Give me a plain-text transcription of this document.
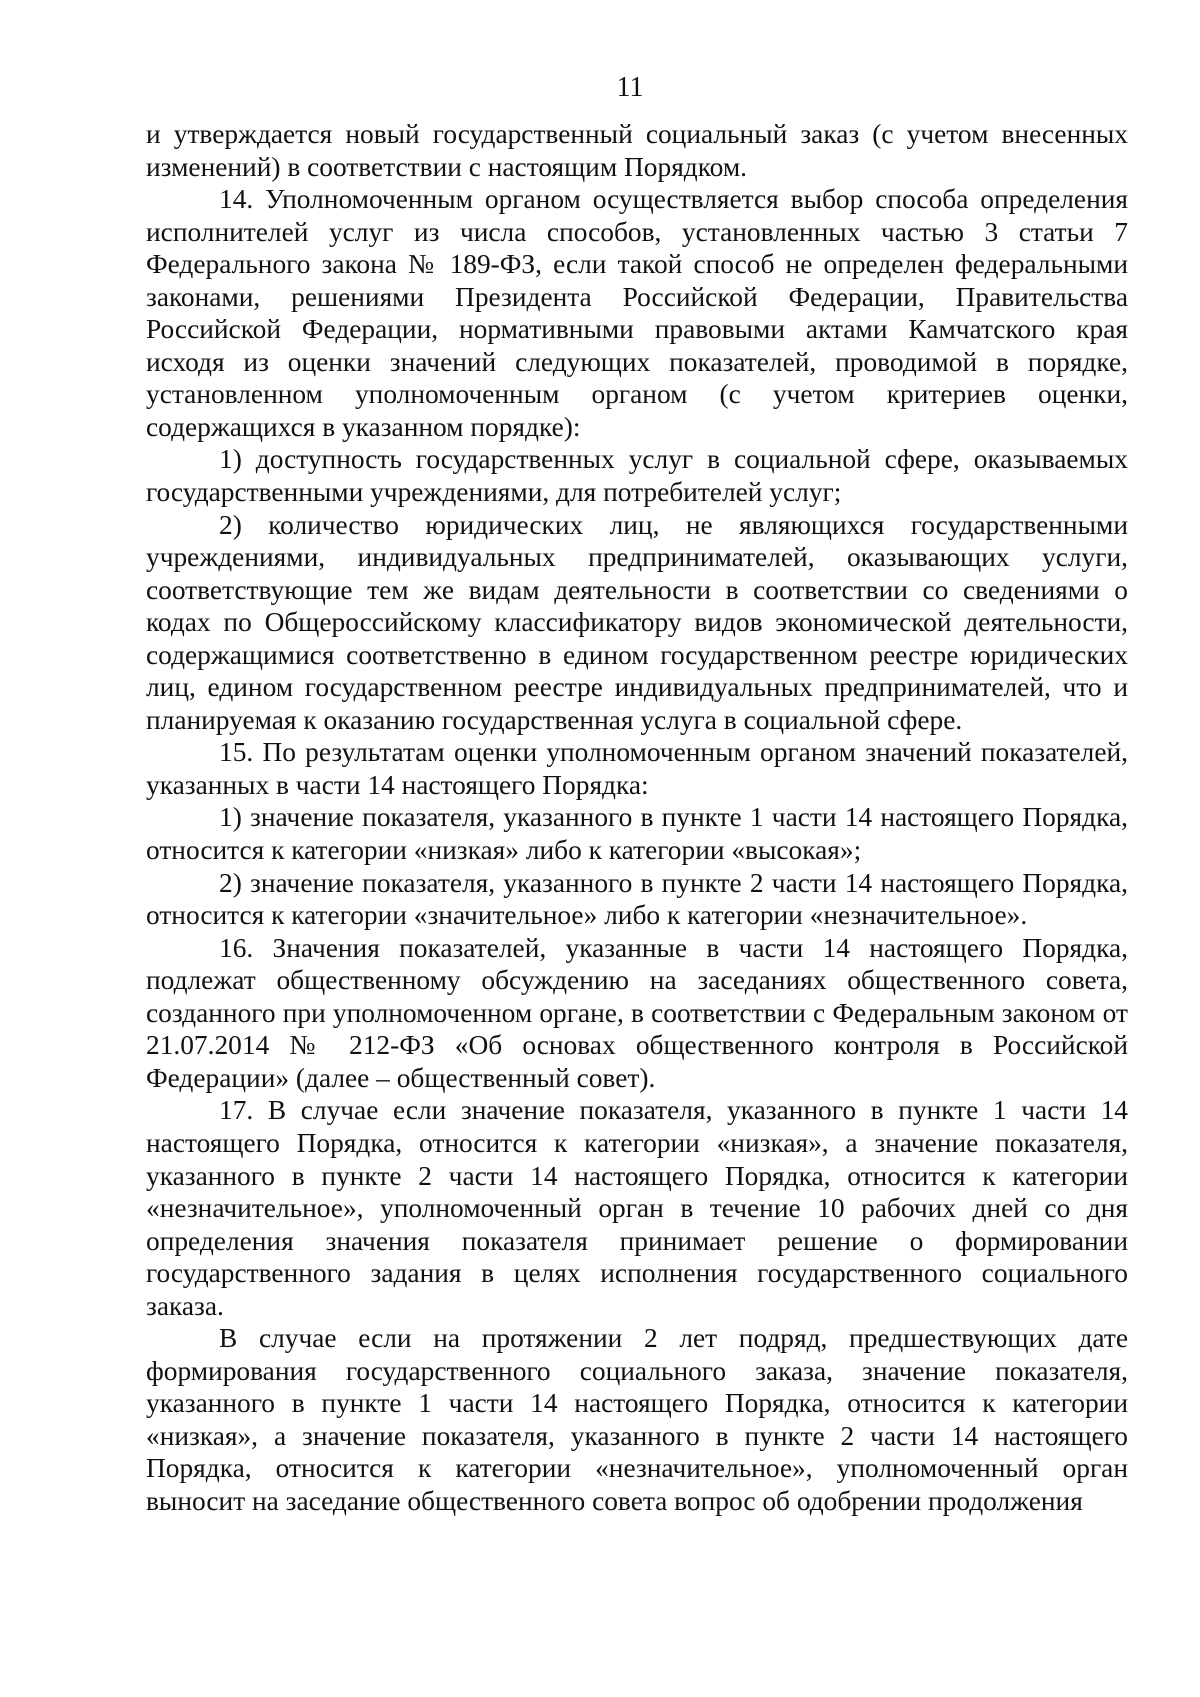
11

и утверждается новый государственный социальный заказ (с учетом внесенных изменений) в соответствии с настоящим Порядком.

14. Уполномоченным органом осуществляется выбор способа определения исполнителей услуг из числа способов, установленных частью 3 статьи 7 Федерального закона № 189-ФЗ, если такой способ не определен федеральными законами, решениями Президента Российской Федерации, Правительства Российской Федерации, нормативными правовыми актами Камчатского края исходя из оценки значений следующих показателей, проводимой в порядке, установленном уполномоченным органом (с учетом критериев оценки, содержащихся в указанном порядке):

1) доступность государственных услуг в социальной сфере, оказываемых государственными учреждениями, для потребителей услуг;

2) количество юридических лиц, не являющихся государственными учреждениями, индивидуальных предпринимателей, оказывающих услуги, соответствующие тем же видам деятельности в соответствии со сведениями о кодах по Общероссийскому классификатору видов экономической деятельности, содержащимися соответственно в едином государственном реестре юридических лиц, едином государственном реестре индивидуальных предпринимателей, что и планируемая к оказанию государственная услуга в социальной сфере.

15. По результатам оценки уполномоченным органом значений показателей, указанных в части 14 настоящего Порядка:

1) значение показателя, указанного в пункте 1 части 14 настоящего Порядка, относится к категории «низкая» либо к категории «высокая»;

2) значение показателя, указанного в пункте 2 части 14 настоящего Порядка, относится к категории «значительное» либо к категории «незначительное».

16. Значения показателей, указанные в части 14 настоящего Порядка, подлежат общественному обсуждению на заседаниях общественного совета, созданного при уполномоченном органе, в соответствии с Федеральным законом от 21.07.2014 № 212-ФЗ «Об основах общественного контроля в Российской Федерации» (далее – общественный совет).

17. В случае если значение показателя, указанного в пункте 1 части 14 настоящего Порядка, относится к категории «низкая», а значение показателя, указанного в пункте 2 части 14 настоящего Порядка, относится к категории «незначительное», уполномоченный орган в течение 10 рабочих дней со дня определения значения показателя принимает решение о формировании государственного задания в целях исполнения государственного социального заказа.

В случае если на протяжении 2 лет подряд, предшествующих дате формирования государственного социального заказа, значение показателя, указанного в пункте 1 части 14 настоящего Порядка, относится к категории «низкая», а значение показателя, указанного в пункте 2 части 14 настоящего Порядка, относится к категории «незначительное», уполномоченный орган выносит на заседание общественного совета вопрос об одобрении продолжения
